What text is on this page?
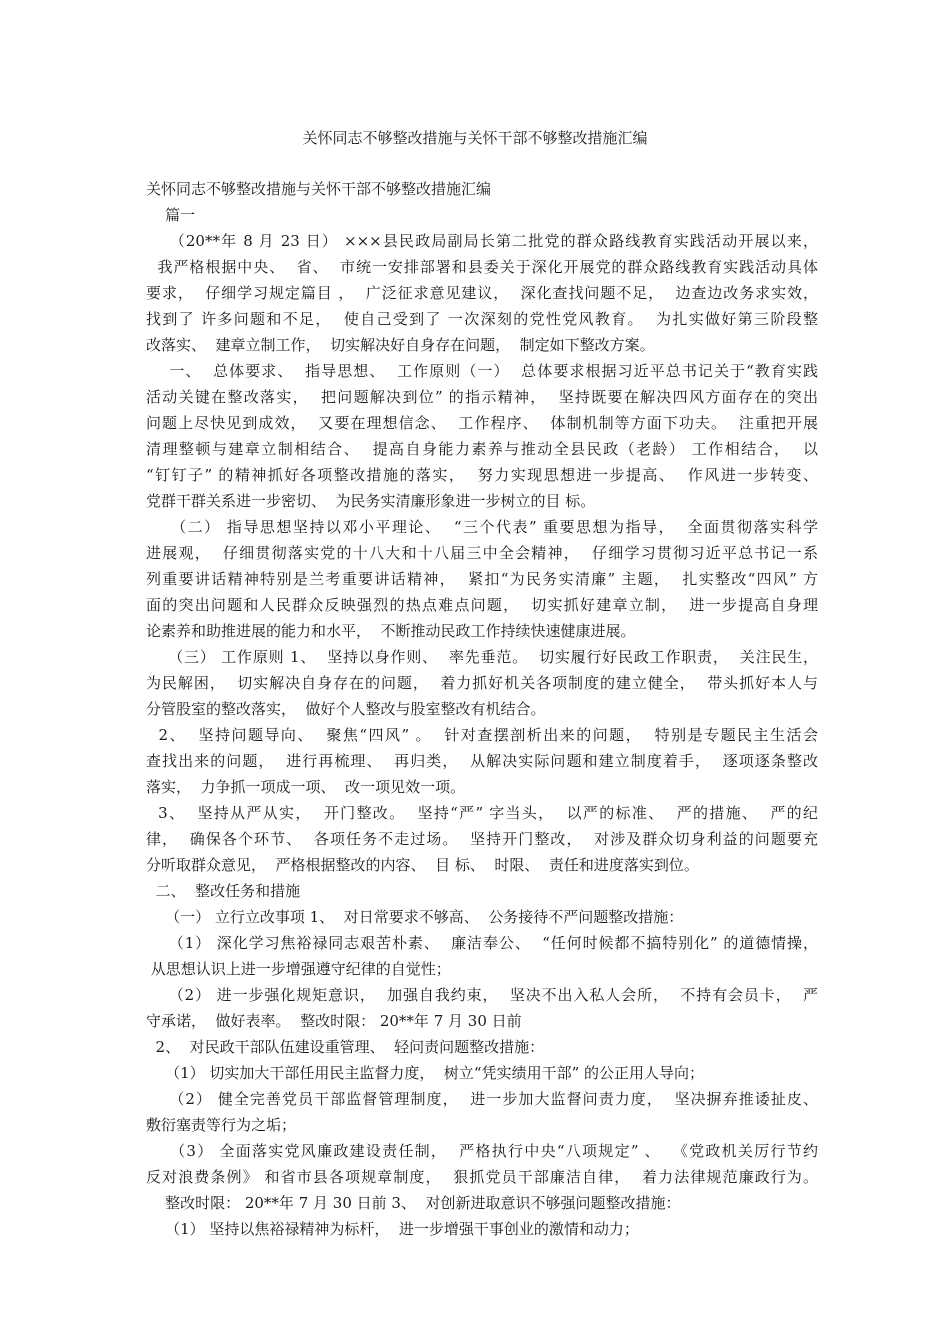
关怀同志不够整改措施与关怀干部不够整改措施汇编
关怀同志不够整改措施与关怀干部不够整改措施汇编
篇一
（20**年 8 月 23 日） ×××县民政局副局长第二批党的群众路线教育实践活动开展以来，
我严格根据中央、  省、  市统一安排部署和县委关于深化开展党的群众路线教育实践活动具体
要求，  仔细学习规定篇目 ，  广泛征求意见建议，  深化查找问题不足，  边查边改务求实效，
找到了 许多问题和不足，  使自己受到了 一次深刻的党性党风教育。  为扎实做好第三阶段整
改落实、  建章立制工作，  切实解决好自身存在问题，  制定如下整改方案。
一、  总体要求、  指导思想、  工作原则（一）  总体要求根据习近平总书记关于“教育实践
活动关键在整改落实，  把问题解决到位” 的指示精神，  坚持既要在解决四风方面存在的突出
问题上尽快见到成效，  又要在理想信念、  工作程序、  体制机制等方面下功夫。  注重把开展
清理整顿与建章立制相结合、  提高自身能力素养与推动全县民政（老龄） 工作相结合，  以
“钉钉子” 的精神抓好各项整改措施的落实，  努力实现思想进一步提高、  作风进一步转变、
党群干群关系进一步密切、  为民务实清廉形象进一步树立的目 标。
（二） 指导思想坚持以邓小平理论、  “三个代表” 重要思想为指导，  全面贯彻落实科学
进展观，  仔细贯彻落实党的十八大和十八届三中全会精神，  仔细学习贯彻习近平总书记一系
列重要讲话精神特别是兰考重要讲话精神，  紧扣“为民务实清廉” 主题，  扎实整改“四风” 方
面的突出问题和人民群众反映强烈的热点难点问题，  切实抓好建章立制，  进一步提高自身理
论素养和助推进展的能力和水平，  不断推动民政工作持续快速健康进展。
（三） 工作原则 1、  坚持以身作则、  率先垂范。  切实履行好民政工作职责，  关注民生，
为民解困，  切实解决自身存在的问题，  着力抓好机关各项制度的建立健全，  带头抓好本人与
分管股室的整改落实，  做好个人整改与股室整改有机结合。
2、  坚持问题导向、  聚焦“四风” 。  针对查摆剖析出来的问题，  特别是专题民主生活会
查找出来的问题，  进行再梳理、  再归类，  从解决实际问题和建立制度着手，  逐项逐条整改
落实，  力争抓一项成一项、  改一项见效一项。
3、  坚持从严从实，  开门整改。  坚持“严” 字当头，  以严的标准、  严的措施、  严的纪
律，  确保各个环节、  各项任务不走过场。  坚持开门整改，  对涉及群众切身利益的问题要充
分听取群众意见，  严格根据整改的内容、  目 标、  时限、  责任和进度落实到位。
二、  整改任务和措施
（一） 立行立改事项 1、  对日常要求不够高、  公务接待不严问题整改措施：
（1） 深化学习焦裕禄同志艰苦朴素、  廉洁奉公、  “任何时候都不搞特别化” 的道德情操，
从思想认识上进一步增强遵守纪律的自觉性；
（2） 进一步强化规矩意识，  加强自我约束，  坚决不出入私人会所，  不持有会员卡，  严
守承诺，  做好表率。  整改时限： 20**年 7 月 30 日前
2、  对民政干部队伍建设重管理、  轻问责问题整改措施：
（1） 切实加大干部任用民主监督力度，  树立“凭实绩用干部” 的公正用人导向；
（2） 健全完善党员干部监督管理制度，  进一步加大监督问责力度，  坚决摒弃推诿扯皮、
敷衍塞责等行为之垢；
（3） 全面落实党风廉政建设责任制，  严格执行中央“八项规定” 、  《党政机关厉行节约
反对浪费条例》 和省市县各项规章制度，  狠抓党员干部廉洁自律，  着力法律规范廉政行为。
整改时限： 20**年 7 月 30 日前 3、  对创新进取意识不够强问题整改措施：
（1） 坚持以焦裕禄精神为标杆，  进一步增强干事创业的激情和动力；
